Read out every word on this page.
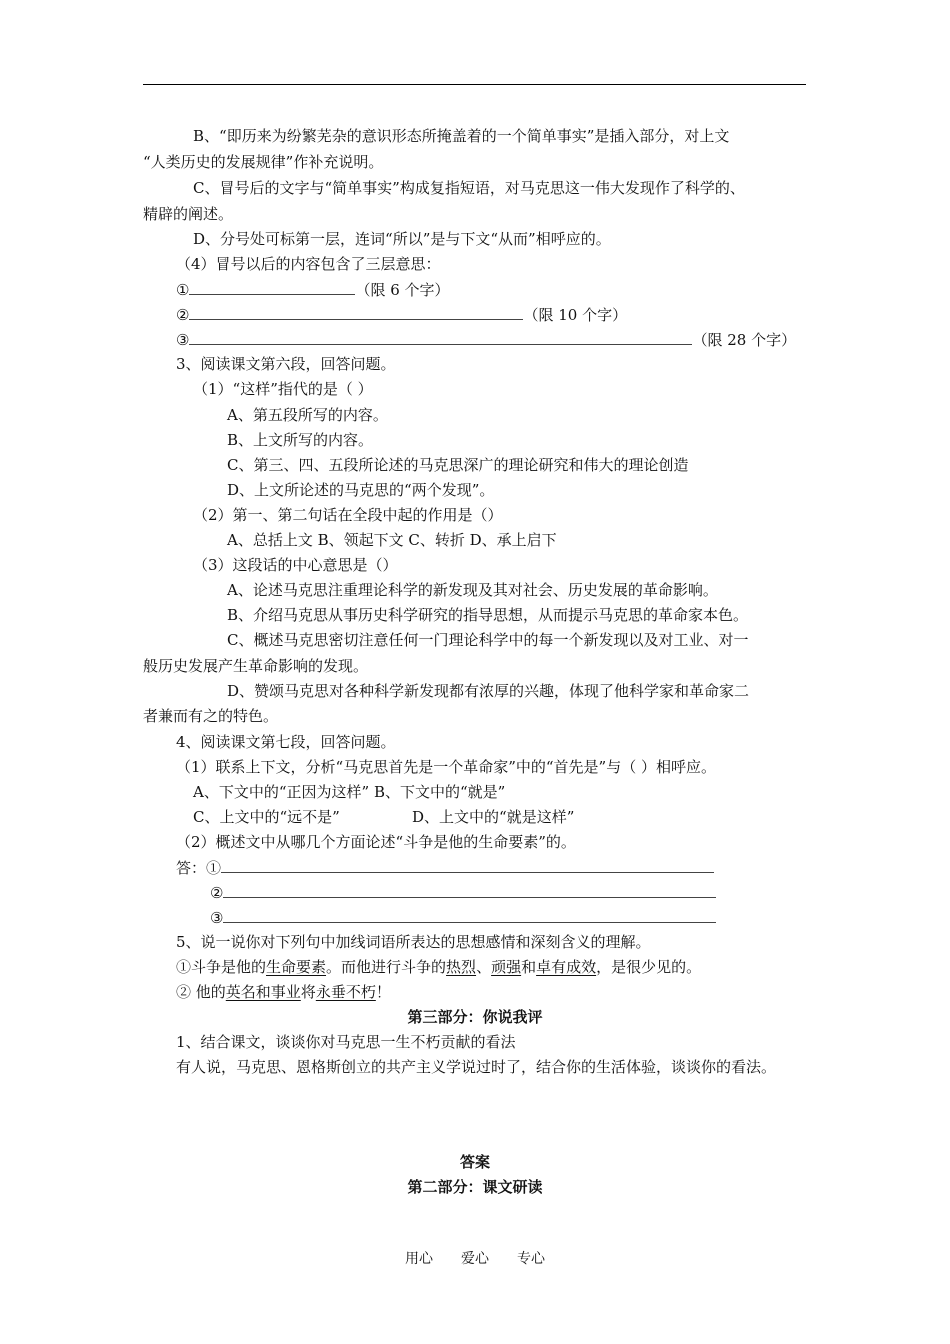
B、“即历来为纷繁芜杂的意识形态所掩盖着的一个简单事实”是插入部分，对上文
“人类历史的发展规律”作补充说明。
C、冒号后的文字与“简单事实”构成复指短语，对马克思这一伟大发现作了科学的、
精辟的阐述。
D、分号处可标第一层，连词“所以”是与下文“从而”相呼应的。
（4）冒号以后的内容包含了三层意思：
①	（限 6 个字）
②	（限 10 个字）
③	（限 28 个字）
3、阅读课文第六段，回答问题。
（1）“这样”指代的是（ ）
A、第五段所写的内容。
B、上文所写的内容。
C、第三、四、五段所论述的马克思深广的理论研究和伟大的理论创造
D、上文所论述的马克思的“两个发现”。
（2）第一、第二句话在全段中起的作用是（）
A、总括上文 B、领起下文 C、转折 D、承上启下
（3）这段话的中心意思是（）
A、论述马克思注重理论科学的新发现及其对社会、历史发展的革命影响。
B、介绍马克思从事历史科学研究的指导思想，从而提示马克思的革命家本色。
C、概述马克思密切注意任何一门理论科学中的每一个新发现以及对工业、对一
般历史发展产生革命影响的发现。
D、赞颂马克思对各种科学新发现都有浓厚的兴趣，体现了他科学家和革命家二
者兼而有之的特色。
4、阅读课文第七段，回答问题。
（1）联系上下文，分析“马克思首先是一个革命家”中的“首先是”与（ ）相呼应。
A、下文中的“正因为这样” B、下文中的“就是”
C、上文中的“远不是”	D、上文中的“就是这样”
（2）概述文中从哪几个方面论述“斗争是他的生命要素”的。
答：①
②
③
5、说一说你对下列句中加线词语所表达的思想感情和深刻含义的理解。
①斗争是他的生命要素。而他进行斗争的热烈、顽强和卓有成效，是很少见的。
② 他的英名和事业将永垂不朽！
第三部分：你说我评
1、结合课文，谈谈你对马克思一生不朽贡献的看法
有人说，马克思、恩格斯创立的共产主义学说过时了，结合你的生活体验，谈谈你的看法。
答案
第二部分：课文研读
用心 爱心 专心
